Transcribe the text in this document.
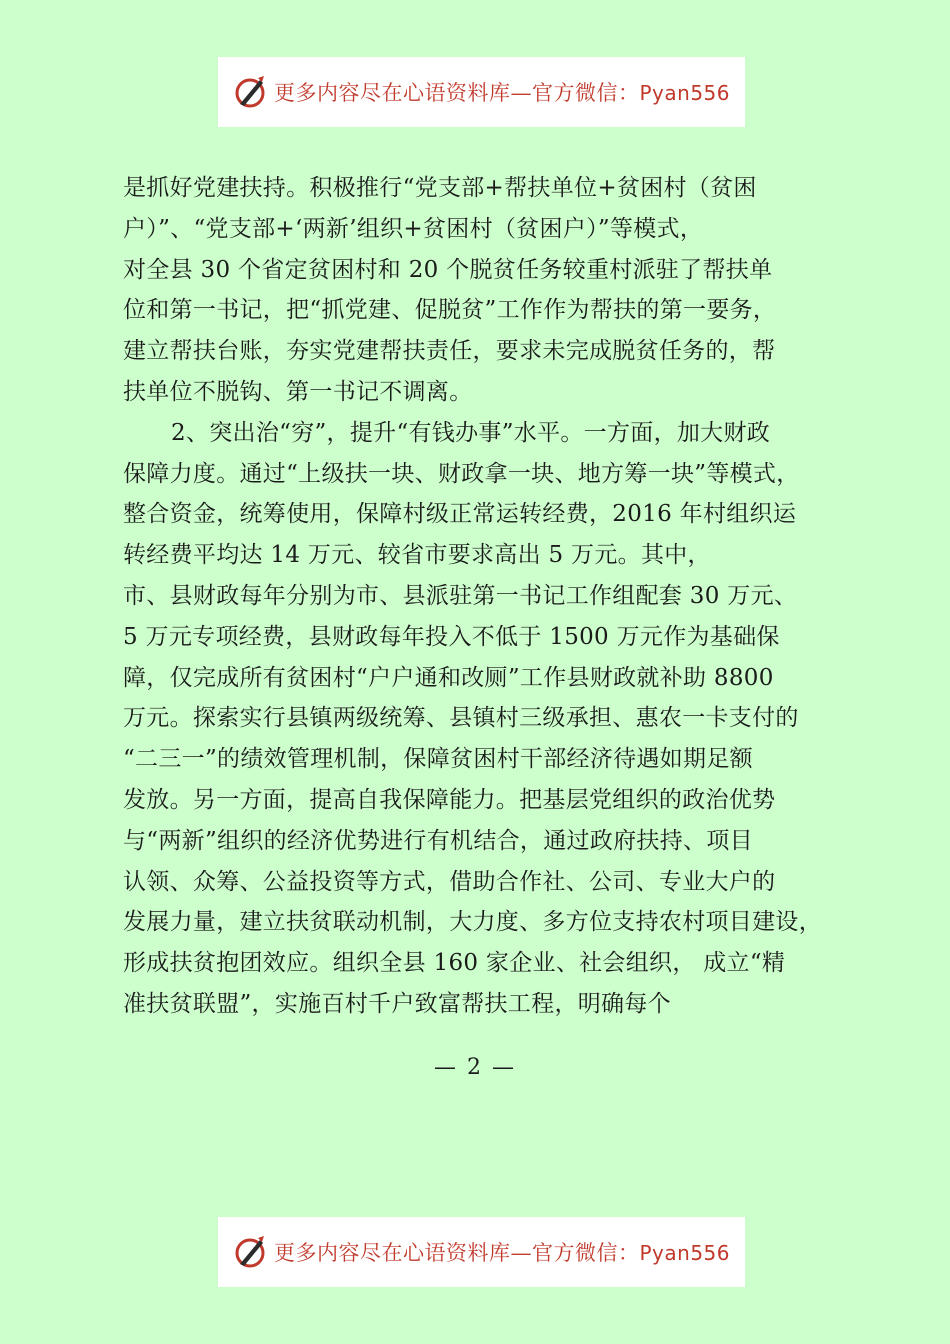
更多内容尽在心语资料库—官方微信：Pyan556
是抓好党建扶持。积极推行“党支部+帮扶单位+贫困村（贫困
户）”、“党支部+‘两新’组织+贫困村（贫困户）”等模式，
对全县 30 个省定贫困村和 20 个脱贫任务较重村派驻了帮扶单
位和第一书记，把“抓党建、促脱贫”工作作为帮扶的第一要务，
建立帮扶台账，夯实党建帮扶责任，要求未完成脱贫任务的，帮
扶单位不脱钩、第一书记不调离。
2、突出治“穷”，提升“有钱办事”水平。一方面，加大财政
保障力度。通过“上级扶一块、财政拿一块、地方筹一块”等模式，
整合资金，统筹使用，保障村级正常运转经费，2016 年村组织运
转经费平均达 14 万元、较省市要求高出 5 万元。其中，
市、县财政每年分别为市、县派驻第一书记工作组配套 30 万元、
5 万元专项经费，县财政每年投入不低于 1500 万元作为基础保
障，仅完成所有贫困村“户户通和改厕”工作县财政就补助 8800
万元。探索实行县镇两级统筹、县镇村三级承担、惠农一卡支付的
“二三一”的绩效管理机制，保障贫困村干部经济待遇如期足额
发放。另一方面，提高自我保障能力。把基层党组织的政治优势
与“两新”组织的经济优势进行有机结合，通过政府扶持、项目
认领、众筹、公益投资等方式，借助合作社、公司、专业大户的
发展力量，建立扶贫联动机制，大力度、多方位支持农村项目建设，
形成扶贫抱团效应。组织全县 160 家企业、社会组织， 成立“精
准扶贫联盟”，实施百村千户致富帮扶工程，明确每个
— 2 —
更多内容尽在心语资料库—官方微信：Pyan556
